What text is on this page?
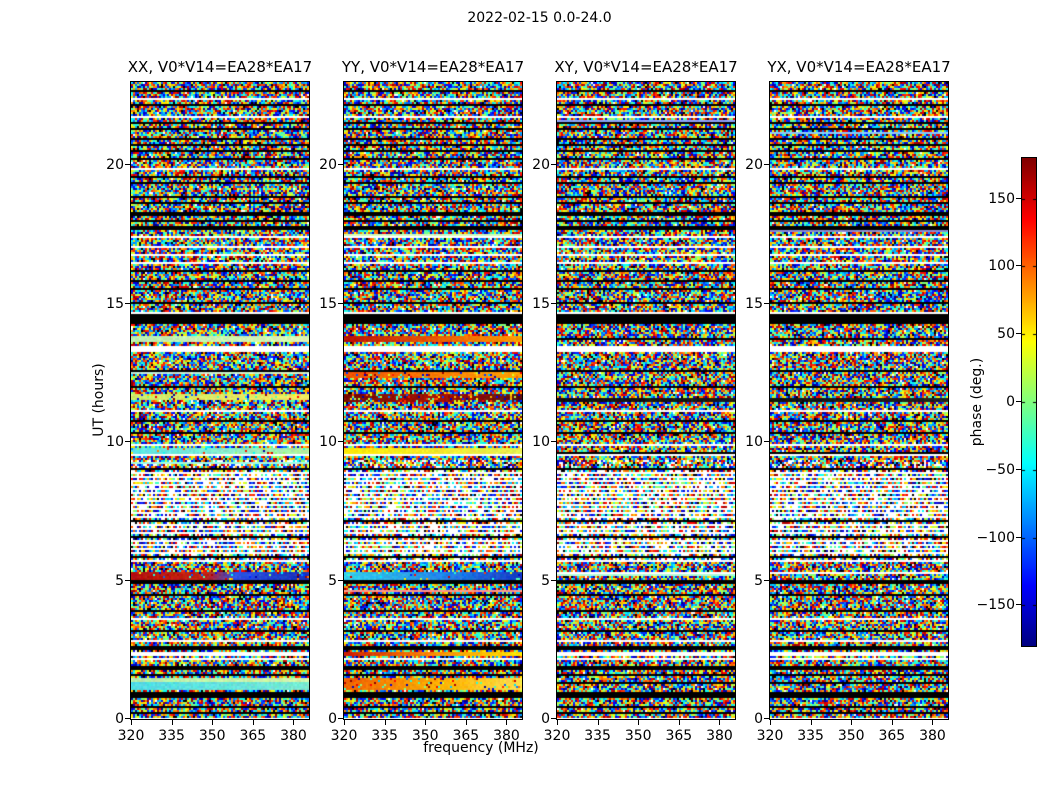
2022-02-15 0.0-24.0
XX, V0*V14=EA28*EA17 YY, V0*V14=EA28*EA17 XY, V0*V14=EA28*EA17 YX, V0*V14=EA28*EA17
frequency (MHz)
UT (hours)	phase (deg.)
0
5
10
15
20
320 335 350 365 380
0
5
10
15
20
320 335 350 365 380
0
5
10
15
20
320 335 350 365 380
0
5
10
15
20
320 335 350 365 380
150
100
50
0
−50
−100
−150
